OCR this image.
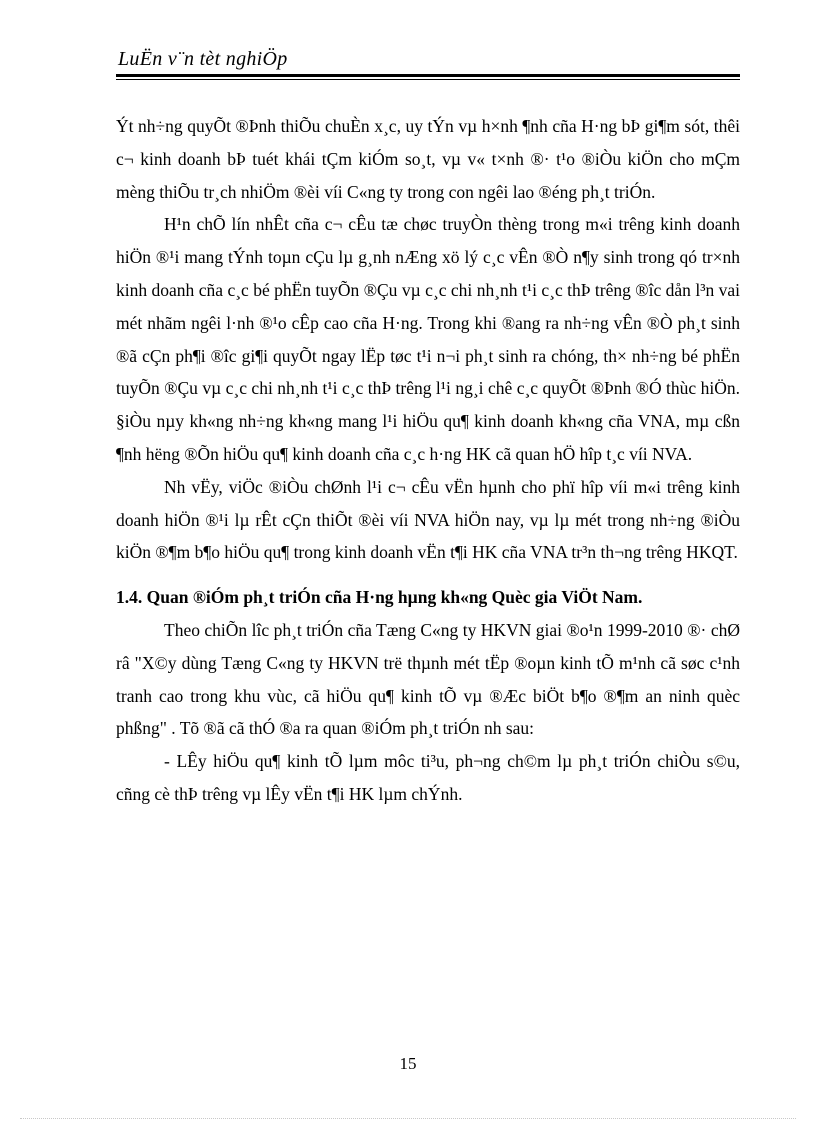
LuËn v¨n tèt nghiÖp

Ýt nh÷ng quyÕt ®Þnh thiÕu chuÈn x¸c, uy tÝn vµ h×nh ¶nh cña H·ng bÞ gi¶m sót, thêi c¬ kinh doanh bÞ tuét khái tÇm kiÓm so¸t, vµ v« t×nh ®· t¹o ®iÒu kiÖn cho mÇm mèng thiÕu tr¸ch nhiÖm ®èi víi C«ng ty trong con ngêi lao ®éng ph¸t triÓn.

H¹n chÕ lín nhÊt cña c¬ cÊu tæ chøc truyÒn thèng trong m«i trêng kinh doanh hiÖn ®¹i mang tÝnh toµn cÇu lµ g¸nh nÆng xö lý c¸c vÊn ®Ò n¶y sinh trong qó tr×nh kinh doanh cña c¸c bé phËn tuyÕn ®Çu vµ c¸c chi nh¸nh t¹i c¸c thÞ trêng ®îc dån l³n vai mét nhãm ngêi l·nh ®¹o cÊp cao cña H·ng. Trong khi ®ang ra nh÷ng vÊn ®Ò ph¸t sinh ®ã cÇn ph¶i ®îc gi¶i quyÕt ngay lËp tøc t¹i n¬i ph¸t sinh ra chóng, th× nh÷ng bé phËn tuyÕn ®Çu vµ c¸c chi nh¸nh t¹i c¸c thÞ trêng l¹i ng¸i chê c¸c quyÕt ®Þnh ®Ó thùc hiÖn. §iÒu nµy kh«ng nh÷ng kh«ng mang l¹i hiÖu qu¶ kinh doanh kh«ng cña VNA, mµ cßn ¶nh hëng ®Õn hiÖu qu¶ kinh doanh cña c¸c h·ng HK cã quan hÖ hîp t¸c víi NVA.

Nh vËy, viÖc ®iÒu chØnh l¹i c¬ cÊu vËn hµnh cho phï hîp víi m«i trêng kinh doanh hiÖn ®¹i lµ rÊt cÇn thiÕt ®èi víi NVA hiÖn nay, vµ lµ mét trong nh÷ng ®iÒu kiÖn ®¶m b¶o hiÖu qu¶ trong kinh doanh vËn t¶i HK cña VNA tr³n th¬ng trêng HKQT.

1.4. Quan ®iÓm ph¸t triÓn cña H·ng hµng kh«ng Quèc gia ViÖt Nam.

Theo chiÕn lîc ph¸t triÓn cña Tæng C«ng ty HKVN giai ®o¹n 1999-2010 ®· chØ râ "X©y dùng Tæng C«ng ty HKVN trë thµnh mét tËp ®oµn kinh tÕ m¹nh cã søc c¹nh tranh cao trong khu vùc, cã hiÖu qu¶ kinh tÕ vµ ®Æc biÖt b¶o ®¶m an ninh quèc phßng" . Tõ ®ã cã thÓ ®a ra quan ®iÓm ph¸t triÓn nh sau:

- LÊy hiÖu qu¶ kinh tÕ lµm môc ti³u, ph¬ng ch©m lµ ph¸t triÓn chiÒu s©u, cñng cè thÞ trêng vµ lÊy vËn t¶i HK lµm chÝnh.

15
